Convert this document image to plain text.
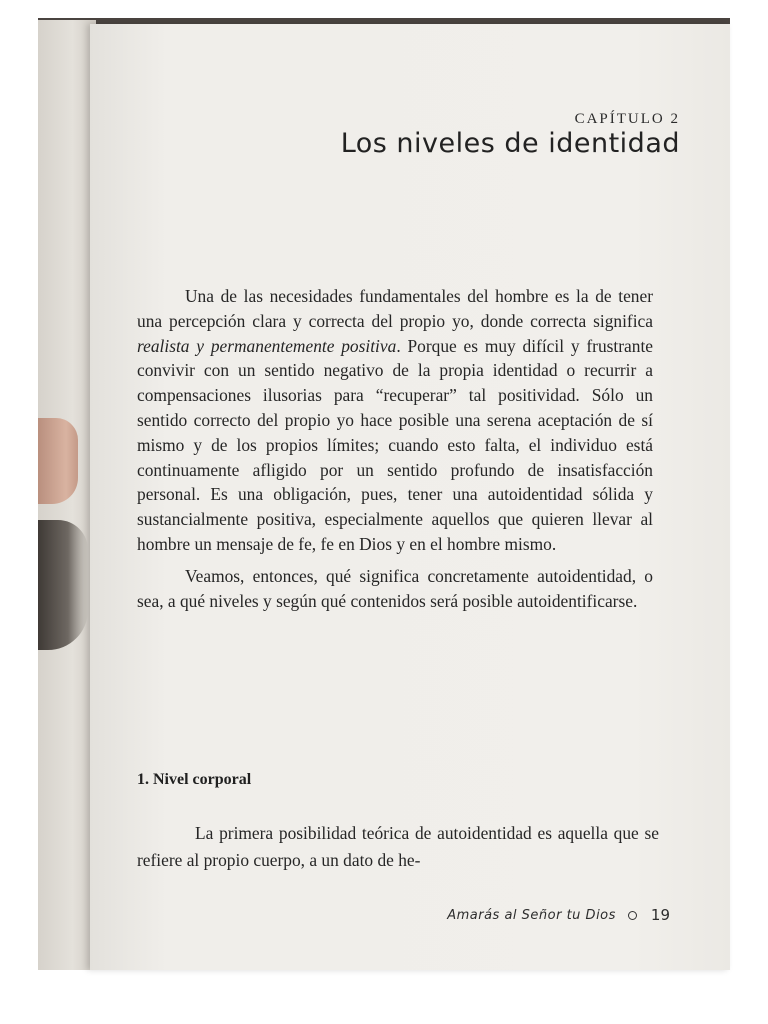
CAPÍTULO 2
Los niveles de identidad

Una de las necesidades fundamentales del hombre es la de tener una percepción clara y correcta del propio yo, donde correcta significa realista y permanentemente positiva. Porque es muy difícil y frustrante convivir con un sentido negativo de la propia identidad o recurrir a compensaciones ilusorias para “recuperar” tal positividad. Sólo un sentido correcto del propio yo hace posible una serena aceptación de sí mismo y de los propios límites; cuando esto falta, el individuo está continuamente afligido por un sentido profundo de insatisfacción personal. Es una obligación, pues, tener una autoidentidad sólida y sustancialmente positiva, especialmente aquellos que quieren llevar al hombre un mensaje de fe, fe en Dios y en el hombre mismo.

Veamos, entonces, qué significa concretamente autoidentidad, o sea, a qué niveles y según qué contenidos será posible autoidentificarse.

1. Nivel corporal

La primera posibilidad teórica de autoidentidad es aquella que se refiere al propio cuerpo, a un dato de he-

Amarás al Señor tu Dios 19
